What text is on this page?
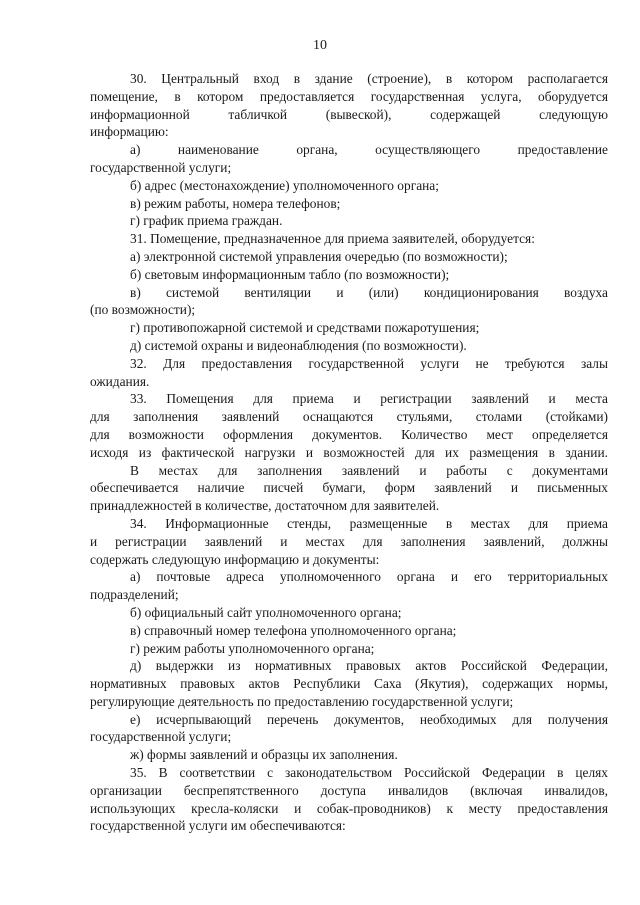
10
30. Центральный вход в здание (строение), в котором располагается
помещение, в котором предоставляется государственная услуга, оборудуется
информационной табличкой (вывеской), содержащей следующую
информацию:
а) наименование органа, осуществляющего предоставление
государственной услуги;
б) адрес (местонахождение) уполномоченного органа;
в) режим работы, номера телефонов;
г) график приема граждан.
31. Помещение, предназначенное для приема заявителей, оборудуется:
а) электронной системой управления очередью (по возможности);
б) световым информационным табло (по возможности);
в) системой вентиляции и (или) кондиционирования воздуха
(по возможности);
г) противопожарной системой и средствами пожаротушения;
д) системой охраны и видеонаблюдения (по возможности).
32. Для предоставления государственной услуги не требуются залы
ожидания.
33. Помещения для приема и регистрации заявлений и места
для заполнения заявлений оснащаются стульями, столами (стойками)
для возможности оформления документов. Количество мест определяется
исходя из фактической нагрузки и возможностей для их размещения в здании.
В местах для заполнения заявлений и работы с документами
обеспечивается наличие писчей бумаги, форм заявлений и письменных
принадлежностей в количестве, достаточном для заявителей.
34. Информационные стенды, размещенные в местах для приема
и регистрации заявлений и местах для заполнения заявлений, должны
содержать следующую информацию и документы:
а) почтовые адреса уполномоченного органа и его территориальных
подразделений;
б) официальный сайт уполномоченного органа;
в) справочный номер телефона уполномоченного органа;
г) режим работы уполномоченного органа;
д) выдержки из нормативных правовых актов Российской Федерации,
нормативных правовых актов Республики Саха (Якутия), содержащих нормы,
регулирующие деятельность по предоставлению государственной услуги;
е) исчерпывающий перечень документов, необходимых для получения
государственной услуги;
ж) формы заявлений и образцы их заполнения.
35. В соответствии с законодательством Российской Федерации в целях
организации беспрепятственного доступа инвалидов (включая инвалидов,
использующих кресла-коляски и собак-проводников) к месту предоставления
государственной услуги им обеспечиваются:
